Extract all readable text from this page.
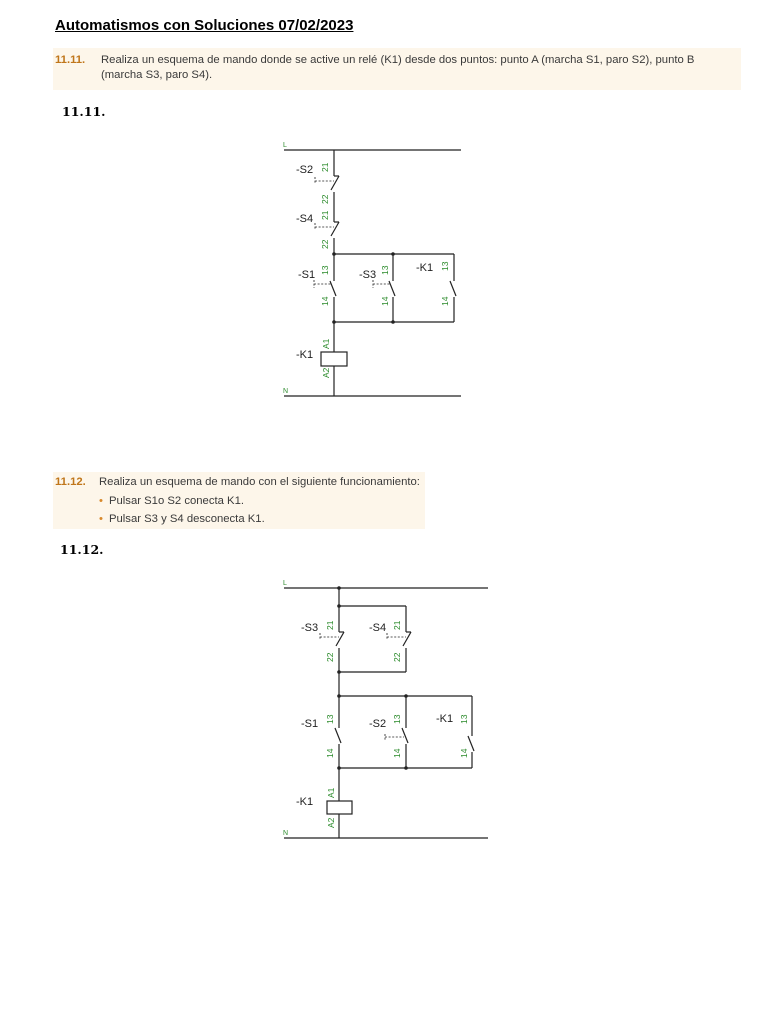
Automatismos con Soluciones 07/02/2023
11.11. Realiza un esquema de mando donde se active un relé (K1) desde dos puntos: punto A (marcha S1, paro S2), punto B
(marcha S3, paro S4).
11.11.
L
N
-S2 21
22
-S4 21
22
-S1 13
14
-S3 13
14
-K1 13
14
-K1
A1
A2
11.12. Realiza un esquema de mando con el siguiente funcionamiento:
• Pulsar S1o S2 conecta K1.
• Pulsar S3 y S4 desconecta K1.
11.12.
L
N
-S3 21
22
-S4 21
22
-S1 13
14
-S2 13
14
-K1 13
14
-K1
A1
A2
